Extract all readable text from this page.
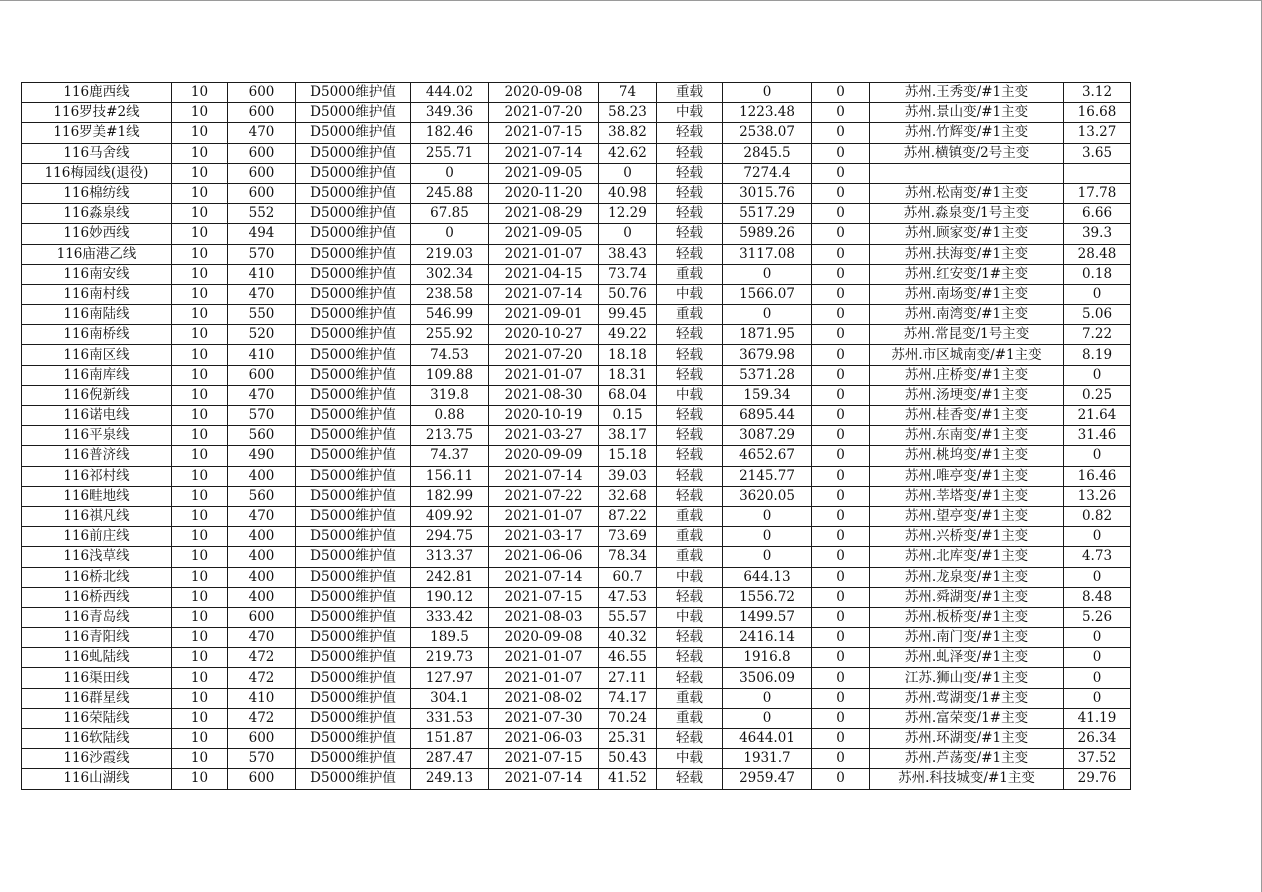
116鹿西线	10	600	D5000维护值	444.02	2020-09-08	74	重载	0	0	苏州.王秀变/#1主变	3.12
116罗技#2线	10	600	D5000维护值	349.36	2021-07-20	58.23	中载	1223.48	0	苏州.景山变/#1主变	16.68
116罗美#1线	10	470	D5000维护值	182.46	2021-07-15	38.82	轻载	2538.07	0	苏州.竹辉变/#1主变	13.27
116马舍线	10	600	D5000维护值	255.71	2021-07-14	42.62	轻载	2845.5	0	苏州.横镇变/2号主变	3.65
116梅园线(退役)	10	600	D5000维护值	0	2021-09-05	0	轻载	7274.4	0		
116棉纺线	10	600	D5000维护值	245.88	2020-11-20	40.98	轻载	3015.76	0	苏州.松南变/#1主变	17.78
116淼泉线	10	552	D5000维护值	67.85	2021-08-29	12.29	轻载	5517.29	0	苏州.淼泉变/1号主变	6.66
116妙西线	10	494	D5000维护值	0	2021-09-05	0	轻载	5989.26	0	苏州.顾家变/#1主变	39.3
116庙港乙线	10	570	D5000维护值	219.03	2021-01-07	38.43	轻载	3117.08	0	苏州.扶海变/#1主变	28.48
116南安线	10	410	D5000维护值	302.34	2021-04-15	73.74	重载	0	0	苏州.红安变/1#主变	0.18
116南村线	10	470	D5000维护值	238.58	2021-07-14	50.76	中载	1566.07	0	苏州.南场变/#1主变	0
116南陆线	10	550	D5000维护值	546.99	2021-09-01	99.45	重载	0	0	苏州.南湾变/#1主变	5.06
116南桥线	10	520	D5000维护值	255.92	2020-10-27	49.22	轻载	1871.95	0	苏州.常昆变/1号主变	7.22
116南区线	10	410	D5000维护值	74.53	2021-07-20	18.18	轻载	3679.98	0	苏州.市区城南变/#1主变	8.19
116南库线	10	600	D5000维护值	109.88	2021-01-07	18.31	轻载	5371.28	0	苏州.庄桥变/#1主变	0
116倪新线	10	470	D5000维护值	319.8	2021-08-30	68.04	中载	159.34	0	苏州.汤埂变/#1主变	0.25
116诺电线	10	570	D5000维护值	0.88	2020-10-19	0.15	轻载	6895.44	0	苏州.桂香变/#1主变	21.64
116平泉线	10	560	D5000维护值	213.75	2021-03-27	38.17	轻载	3087.29	0	苏州.东南变/#1主变	31.46
116普济线	10	490	D5000维护值	74.37	2020-09-09	15.18	轻载	4652.67	0	苏州.桃坞变/#1主变	0
116祁村线	10	400	D5000维护值	156.11	2021-07-14	39.03	轻载	2145.77	0	苏州.唯亭变/#1主变	16.46
116畦地线	10	560	D5000维护值	182.99	2021-07-22	32.68	轻载	3620.05	0	苏州.莘塔变/#1主变	13.26
116祺凡线	10	470	D5000维护值	409.92	2021-01-07	87.22	重载	0	0	苏州.望亭变/#1主变	0.82
116前庄线	10	400	D5000维护值	294.75	2021-03-17	73.69	重载	0	0	苏州.兴桥变/#1主变	0
116浅草线	10	400	D5000维护值	313.37	2021-06-06	78.34	重载	0	0	苏州.北库变/#1主变	4.73
116桥北线	10	400	D5000维护值	242.81	2021-07-14	60.7	中载	644.13	0	苏州.龙泉变/#1主变	0
116桥西线	10	400	D5000维护值	190.12	2021-07-15	47.53	轻载	1556.72	0	苏州.舜湖变/#1主变	8.48
116青岛线	10	600	D5000维护值	333.42	2021-08-03	55.57	中载	1499.57	0	苏州.板桥变/#1主变	5.26
116青阳线	10	470	D5000维护值	189.5	2020-09-08	40.32	轻载	2416.14	0	苏州.南门变/#1主变	0
116虬陆线	10	472	D5000维护值	219.73	2021-01-07	46.55	轻载	1916.8	0	苏州.虬泽变/#1主变	0
116渠田线	10	472	D5000维护值	127.97	2021-01-07	27.11	轻载	3506.09	0	江苏.狮山变/#1主变	0
116群星线	10	410	D5000维护值	304.1	2021-08-02	74.17	重载	0	0	苏州.莺湖变/1#主变	0
116荣陆线	10	472	D5000维护值	331.53	2021-07-30	70.24	重载	0	0	苏州.富荣变/1#主变	41.19
116软陆线	10	600	D5000维护值	151.87	2021-06-03	25.31	轻载	4644.01	0	苏州.环湖变/#1主变	26.34
116沙霞线	10	570	D5000维护值	287.47	2021-07-15	50.43	中载	1931.7	0	苏州.芦荡变/#1主变	37.52
116山湖线	10	600	D5000维护值	249.13	2021-07-14	41.52	轻载	2959.47	0	苏州.科技城变/#1主变	29.76
